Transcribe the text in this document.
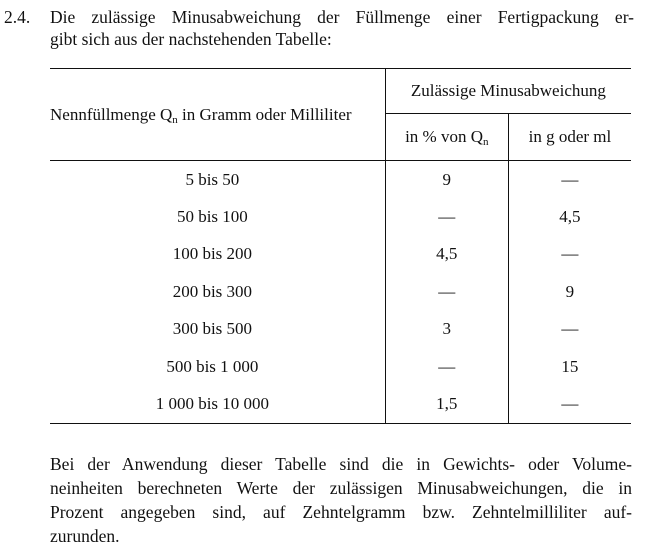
2.4. Die zulässige Minusabweichung der Füllmenge einer Fertigpackung er-
gibt sich aus der nachstehenden Tabelle:
Nennfüllmenge $Q_n$ in Gramm oder Milliliter	Zulässige Minusabweichung	
	in % von $Q_n$	in g oder ml
5 bis 50	9	—
50 bis 100	—	4,5
100 bis 200	4,5	—
200 bis 300	—	9
300 bis 500	3	—
500 bis 1 000	—	15
1 000 bis 10 000	1,5	—
Bei der Anwendung dieser Tabelle sind die in Gewichts- oder Volume-
neinheiten berechneten Werte der zulässigen Minusabweichungen, die in
Prozent angegeben sind, auf Zehntelgramm bzw. Zehntelmilliliter auf-
zurunden.
